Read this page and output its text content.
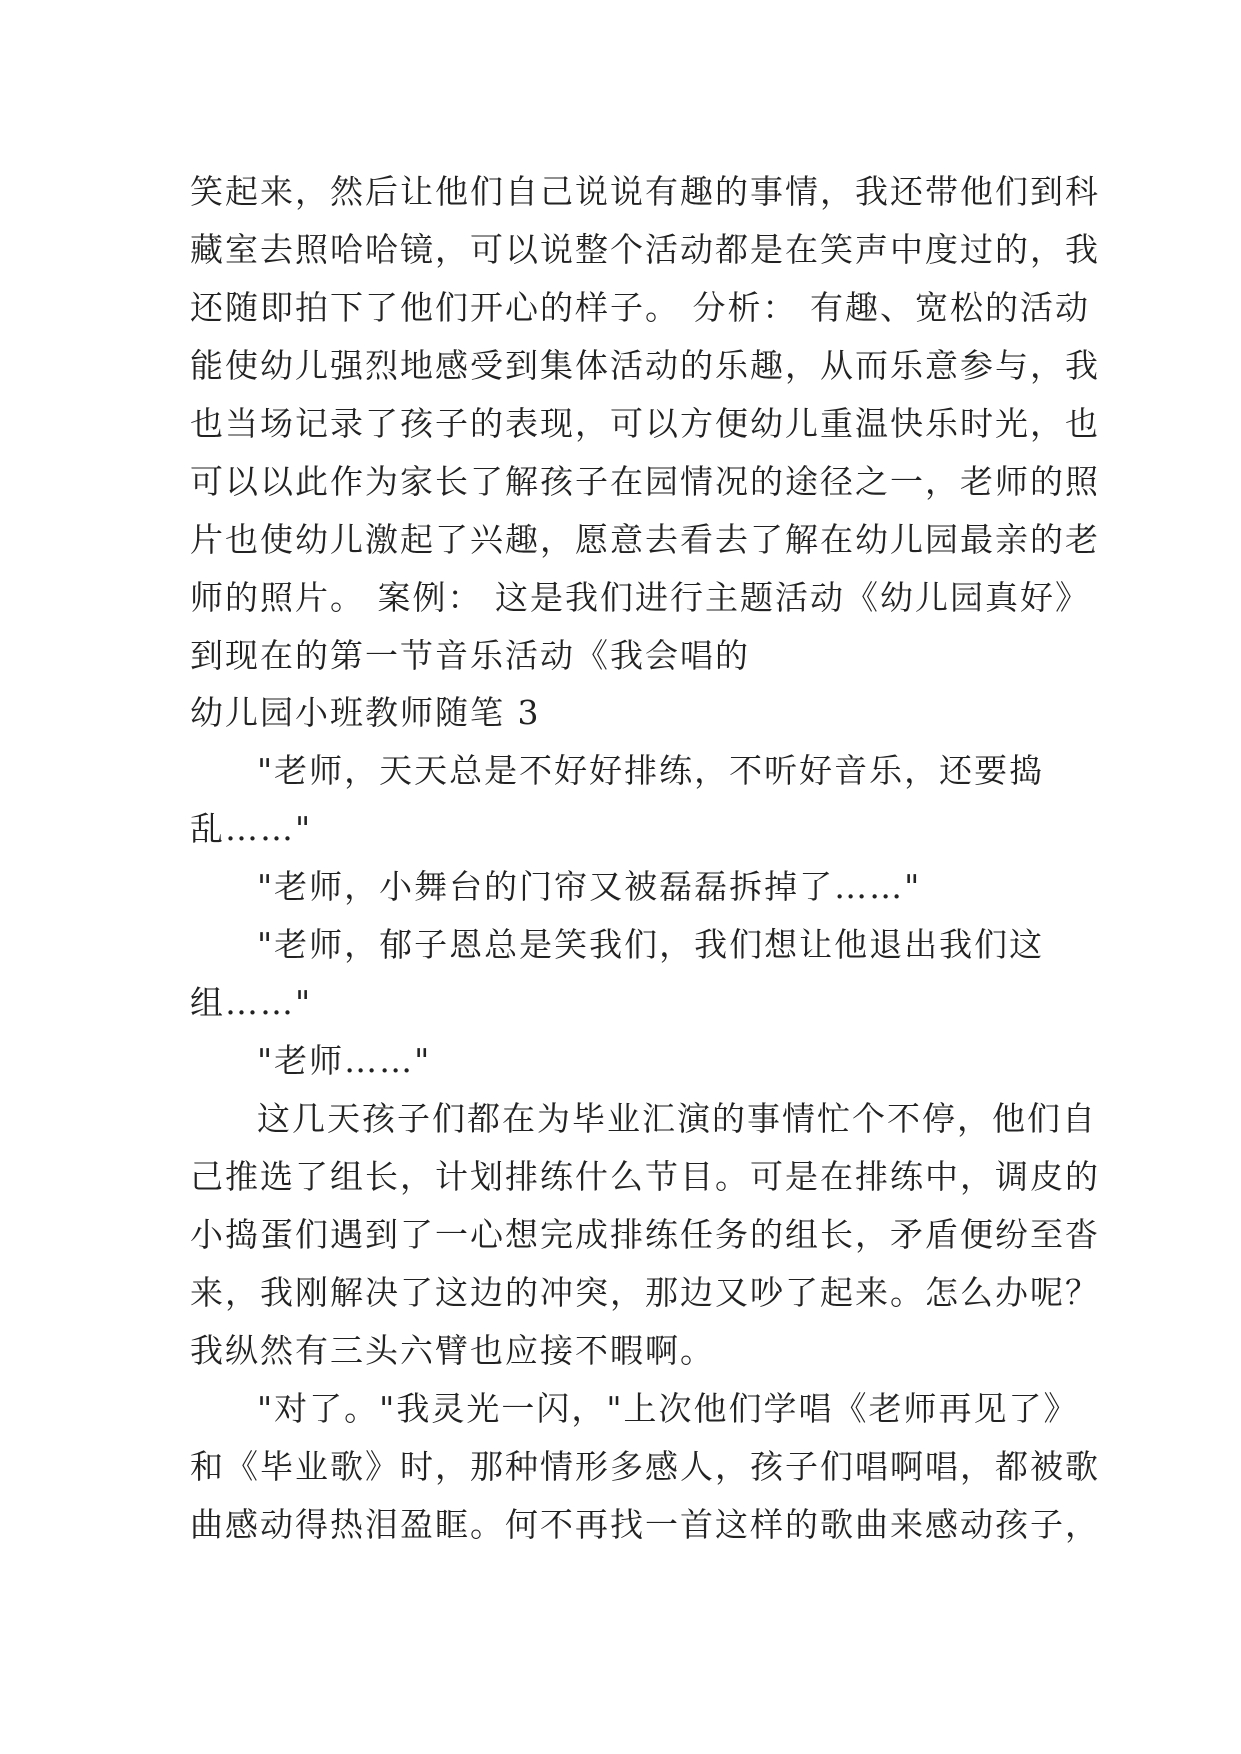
笑起来，然后让他们自己说说有趣的事情，我还带他们到科
藏室去照哈哈镜，可以说整个活动都是在笑声中度过的，我
还随即拍下了他们开心的样子。 分析： 有趣、宽松的活动
能使幼儿强烈地感受到集体活动的乐趣，从而乐意参与，我
也当场记录了孩子的表现，可以方便幼儿重温快乐时光，也
可以以此作为家长了解孩子在园情况的途径之一，老师的照
片也使幼儿激起了兴趣，愿意去看去了解在幼儿园最亲的老
师的照片。 案例： 这是我们进行主题活动《幼儿园真好》
到现在的第一节音乐活动《我会唱的
幼儿园小班教师随笔 3
"老师，天天总是不好好排练，不听好音乐，还要捣
乱……"
"老师，小舞台的门帘又被磊磊拆掉了……"
"老师，郁子恩总是笑我们，我们想让他退出我们这
组……"
"老师……"
这几天孩子们都在为毕业汇演的事情忙个不停，他们自
己推选了组长，计划排练什么节目。可是在排练中，调皮的
小捣蛋们遇到了一心想完成排练任务的组长，矛盾便纷至沓
来，我刚解决了这边的冲突，那边又吵了起来。怎么办呢？
我纵然有三头六臂也应接不暇啊。
"对了。"我灵光一闪，"上次他们学唱《老师再见了》
和《毕业歌》时，那种情形多感人，孩子们唱啊唱，都被歌
曲感动得热泪盈眶。何不再找一首这样的歌曲来感动孩子，
